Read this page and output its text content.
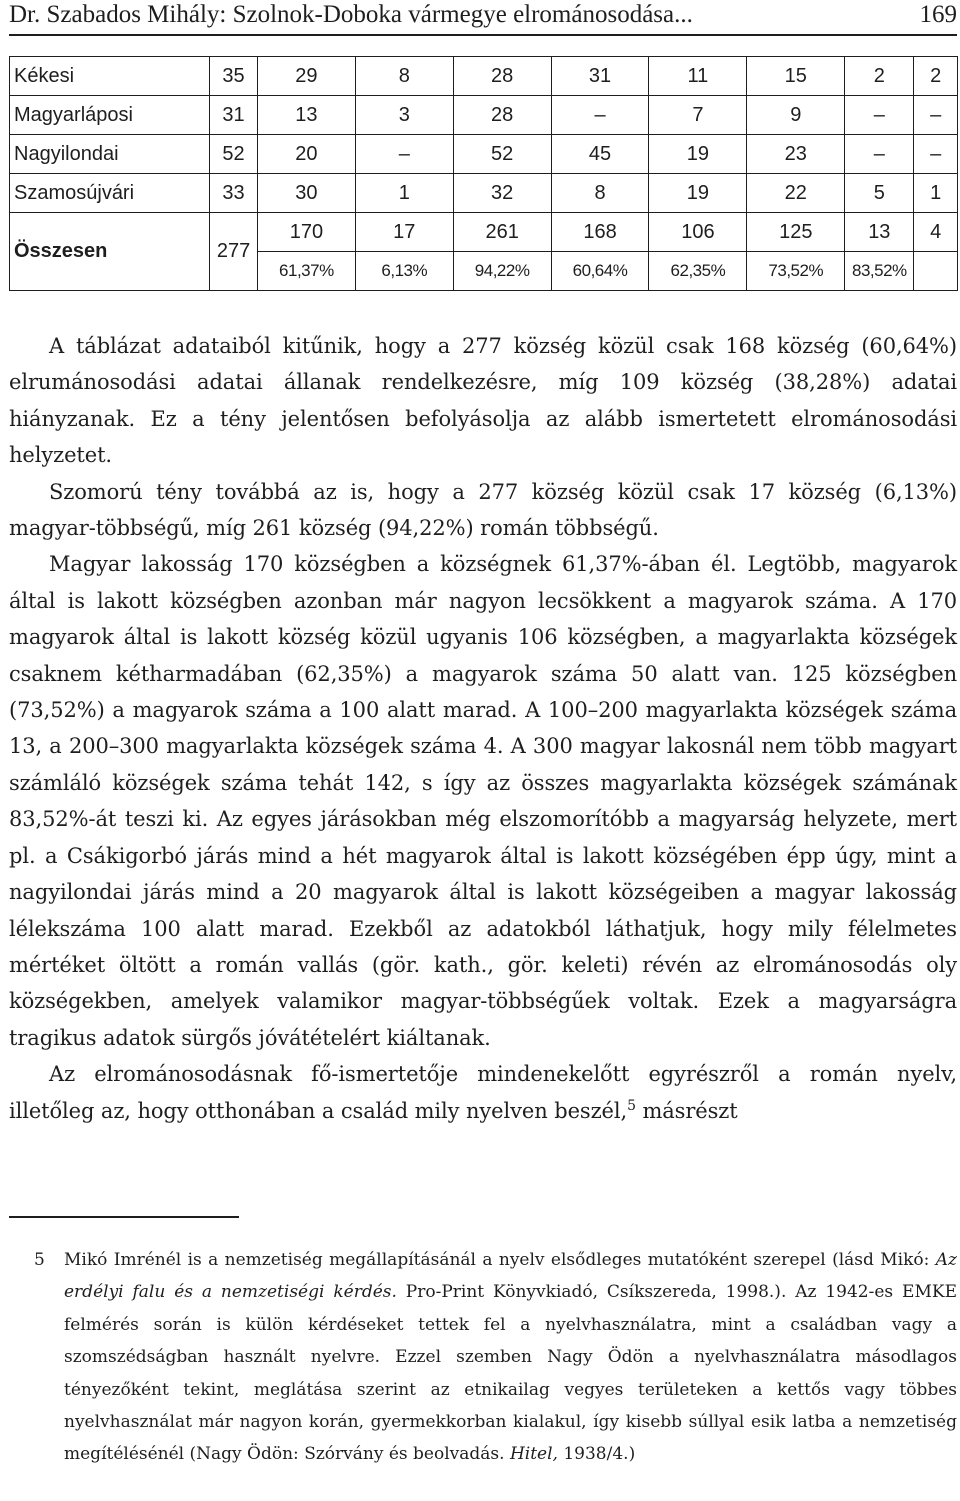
Dr. Szabados Mihály: Szolnok-Doboka vármegye elrománosodása...	169
Kékesi	35	29	8	28	31	11	15	2	2
Magyarláposi	31	13	3	28	–	7	9	–	–
Nagyilondai	52	20	–	52	45	19	23	–	–
Szamosújvári	33	30	1	32	8	19	22	5	1
Összesen	277	170	17	261	168	106	125	13	4
		61,37%	6,13%	94,22%	60,64%	62,35%	73,52%	83,52%	

A táblázat adataiból kitűnik, hogy a 277 község közül csak 168 község (60,64%) elrumánosodási adatai állanak rendelkezésre, míg 109 község (38,28%) adatai hiányzanak. Ez a tény jelentősen befolyásolja az alább ismertetett elrománosodási helyzetet.

Szomorú tény továbbá az is, hogy a 277 község közül csak 17 község (6,13%) magyar-többségű, míg 261 község (94,22%) román többségű.

Magyar lakosság 170 községben a községnek 61,37%-ában él. Legtöbb, magyarok által is lakott községben azonban már nagyon lecsökkent a magyarok száma. A 170 magyarok által is lakott község közül ugyanis 106 községben, a magyarlakta községek csaknem kétharmadában (62,35%) a magyarok száma 50 alatt van. 125 községben (73,52%) a magyarok száma a 100 alatt marad. A 100–200 magyarlakta községek száma 13, a 200–300 magyarlakta községek száma 4. A 300 magyar lakosnál nem több magyart számláló községek száma tehát 142, s így az összes magyarlakta községek számának 83,52%-át teszi ki. Az egyes járásokban még elszomorítóbb a magyarság helyzete, mert pl. a Csákigorbó járás mind a hét magyarok által is lakott községében épp úgy, mint a nagyilondai járás mind a 20 magyarok által is lakott községeiben a magyar lakosság lélekszáma 100 alatt marad. Ezekből az adatokból láthatjuk, hogy mily félelmetes mértéket öltött a román vallás (gör. kath., gör. keleti) révén az elrománosodás oly községekben, amelyek valamikor magyar-többségűek voltak. Ezek a magyarságra tragikus adatok sürgős jóvátételért kiáltanak.

Az elrománosodásnak fő-ismertetője mindenekelőtt egyrészről a román nyelv, illetőleg az, hogy otthonában a család mily nyelven beszél,$^5$ másrészt

5 Mikó Imrénél is a nemzetiség megállapításánál a nyelv elsődleges mutatóként szerepel (lásd Mikó: Az erdélyi falu és a nemzetiségi kérdés. Pro-Print Könyvkiadó, Csíkszereda, 1998.). Az 1942-es EMKE felmérés során is külön kérdéseket tettek fel a nyelvhasználatra, mint a családban vagy a szomszédságban használt nyelvre. Ezzel szemben Nagy Ödön a nyelvhasználatra másodlagos tényezőként tekint, meglátása szerint az etnikailag vegyes területeken a kettős vagy többes nyelvhasználat már nagyon korán, gyermekkorban kialakul, így kisebb súllyal esik latba a nemzetiség megítélésénél (Nagy Ödön: Szórvány és beolvadás. Hitel, 1938/4.)
